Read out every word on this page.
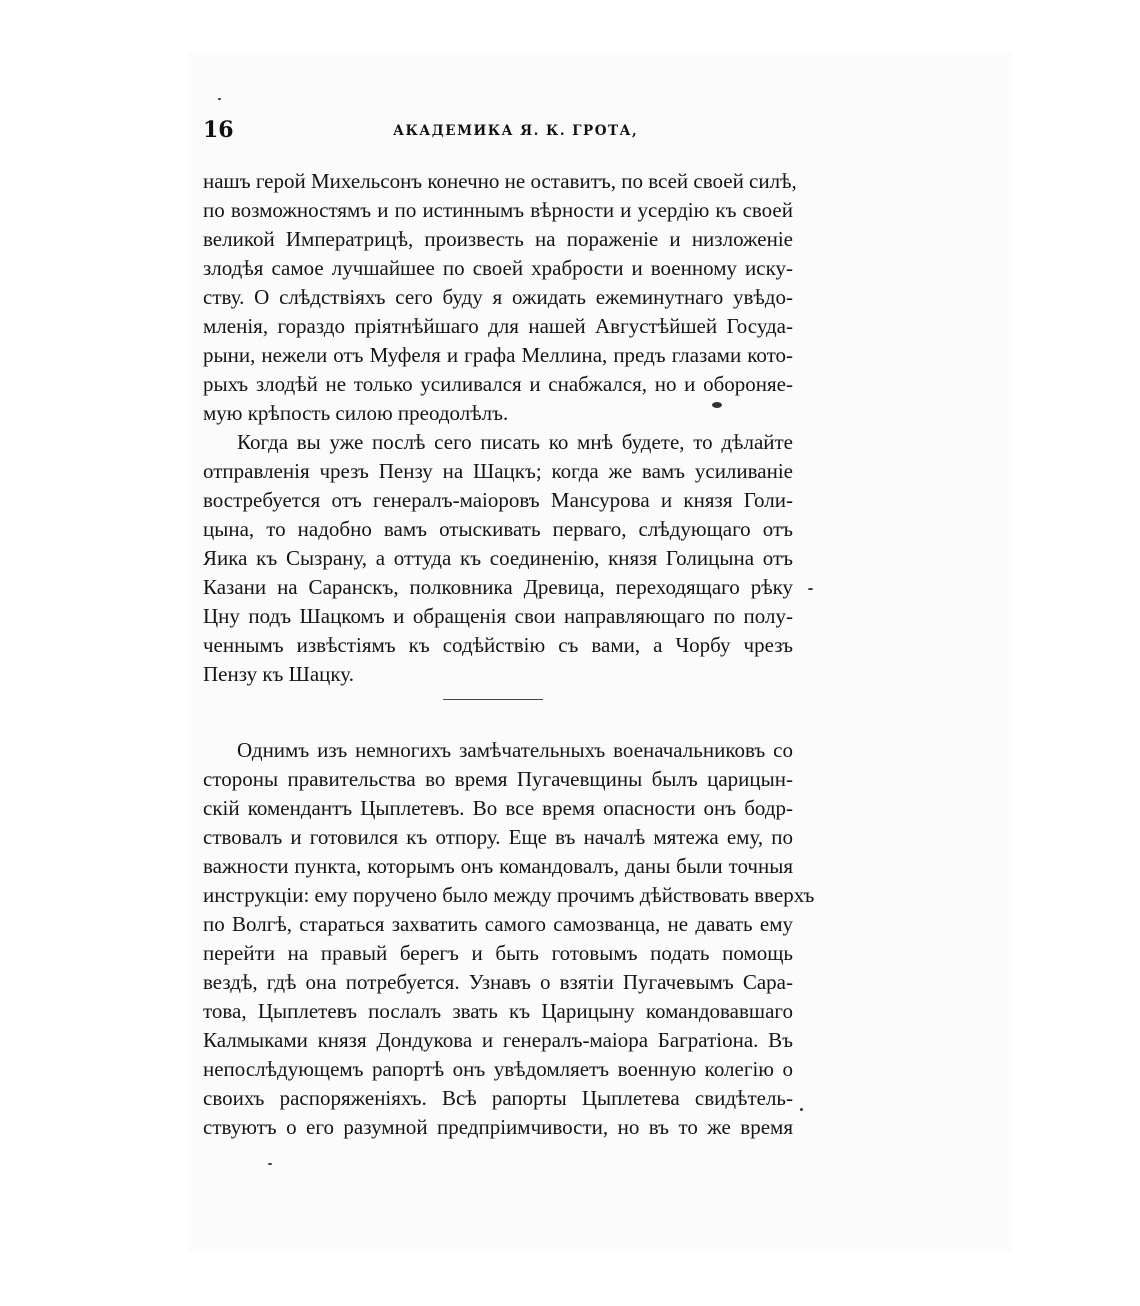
16	АКАДЕМИКА Я. К. ГРОТА,
нашъ герой Михельсонъ конечно не оставитъ, по всей своей силѣ,
по возможностямъ и по истиннымъ вѣрности и усердію къ своей
великой Императрицѣ, произвесть на пораженіе и низложеніе
злодѣя самое лучшайшее по своей храбрости и военному иску-
ству. О слѣдствіяхъ сего буду я ожидать ежеминутнаго увѣдо-
мленія, гораздо пріятнѣйшаго для нашей Августѣйшей Госуда-
рыни, нежели отъ Муфеля и графа Меллина, предъ глазами кото-
рыхъ злодѣй не только усиливался и снабжался, но и обороняе-
мую крѣпость силою преодолѣлъ.
Когда вы уже послѣ сего писать ко мнѣ будете, то дѣлайте
отправленія чрезъ Пензу на Шацкъ; когда же вамъ усиливаніе
востребуется отъ генералъ-маіоровъ Мансурова и князя Голи-
цына, то надобно вамъ отыскивать перваго, слѣдующаго отъ
Яика къ Сызрану, а оттуда къ соединенію, князя Голицына отъ
Казани на Саранскъ, полковника Древица, переходящаго рѣку
Цну подъ Шацкомъ и обращенія свои направляющаго по полу-
ченнымъ извѣстіямъ къ содѣйствію съ вами, а Чорбу чрезъ
Пензу къ Шацку.
Однимъ изъ немногихъ замѣчательныхъ военачальниковъ со
стороны правительства во время Пугачевщины былъ царицын-
скій комендантъ Цыплетевъ. Во все время опасности онъ бодр-
ствовалъ и готовился къ отпору. Еще въ началѣ мятежа ему, по
важности пункта, которымъ онъ командовалъ, даны были точныя
инструкціи: ему поручено было между прочимъ дѣйствовать вверхъ
по Волгѣ, стараться захватить самого самозванца, не давать ему
перейти на правый берегъ и быть готовымъ подать помощь
вездѣ, гдѣ она потребуется. Узнавъ о взятіи Пугачевымъ Сара-
това, Цыплетевъ послалъ звать къ Царицыну командовавшаго
Калмыками князя Дондукова и генералъ-маіора Багратіона. Въ
непослѣдующемъ рапортѣ онъ увѣдомляетъ военную колегію о
своихъ распоряженіяхъ. Всѣ рапорты Цыплетева свидѣтель-
ствуютъ о его разумной предпріимчивости, но въ то же время
